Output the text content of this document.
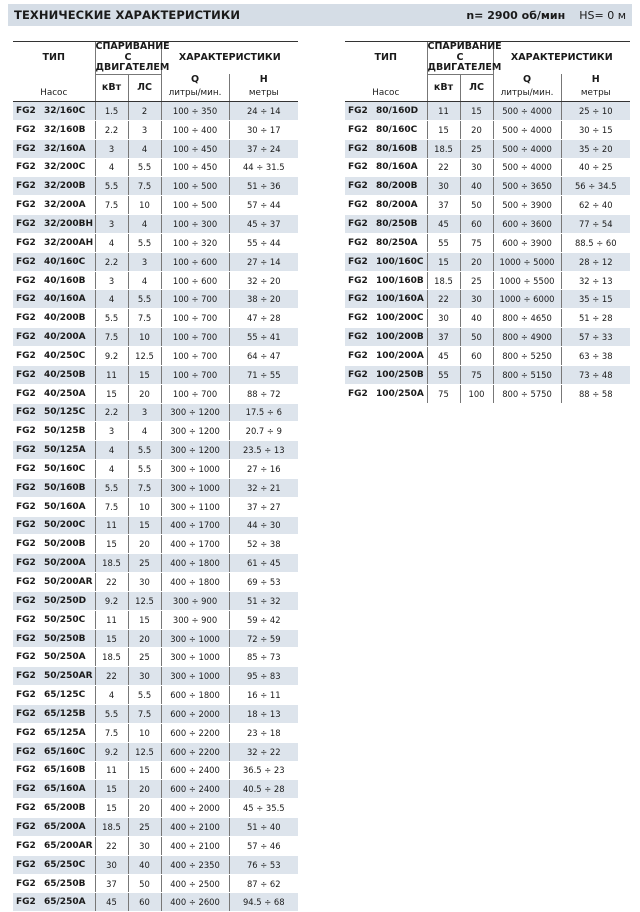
ТЕХНИЧЕСКИЕ ХАРАКТЕРИСТИКИ	n= 2900 об/мин HS= 0 м
ТИП	СПАРИВАНИЕ С
ДВИГАТЕЛЕМ		ХАРАКТЕРИСТИКИ	
	кВт	ЛС	Q	H
Насос			литры/мин.	метры
FG2 32/160C	1.5	2	100 ÷ 350	24 ÷ 14
FG2 32/160B	2.2	3	100 ÷ 400	30 ÷ 17
FG2 32/160A	3	4	100 ÷ 450	37 ÷ 24
FG2 32/200C	4	5.5	100 ÷ 450	44 ÷ 31.5
FG2 32/200B	5.5	7.5	100 ÷ 500	51 ÷ 36
FG2 32/200A	7.5	10	100 ÷ 500	57 ÷ 44
FG2 32/200BH	3	4	100 ÷ 300	45 ÷ 37
FG2 32/200AH	4	5.5	100 ÷ 320	55 ÷ 44
FG2 40/160C	2.2	3	100 ÷ 600	27 ÷ 14
FG2 40/160B	3	4	100 ÷ 600	32 ÷ 20
FG2 40/160A	4	5.5	100 ÷ 700	38 ÷ 20
FG2 40/200B	5.5	7.5	100 ÷ 700	47 ÷ 28
FG2 40/200A	7.5	10	100 ÷ 700	55 ÷ 41
FG2 40/250C	9.2	12.5	100 ÷ 700	64 ÷ 47
FG2 40/250B	11	15	100 ÷ 700	71 ÷ 55
FG2 40/250A	15	20	100 ÷ 700	88 ÷ 72
FG2 50/125C	2.2	3	300 ÷ 1200	17.5 ÷ 6
FG2 50/125B	3	4	300 ÷ 1200	20.7 ÷ 9
FG2 50/125A	4	5.5	300 ÷ 1200	23.5 ÷ 13
FG2 50/160C	4	5.5	300 ÷ 1000	27 ÷ 16
FG2 50/160B	5.5	7.5	300 ÷ 1000	32 ÷ 21
FG2 50/160A	7.5	10	300 ÷ 1100	37 ÷ 27
FG2 50/200C	11	15	400 ÷ 1700	44 ÷ 30
FG2 50/200B	15	20	400 ÷ 1700	52 ÷ 38
FG2 50/200A	18.5	25	400 ÷ 1800	61 ÷ 45
FG2 50/200AR	22	30	400 ÷ 1800	69 ÷ 53
FG2 50/250D	9.2	12.5	300 ÷ 900	51 ÷ 32
FG2 50/250C	11	15	300 ÷ 900	59 ÷ 42
FG2 50/250B	15	20	300 ÷ 1000	72 ÷ 59
FG2 50/250A	18.5	25	300 ÷ 1000	85 ÷ 73
FG2 50/250AR	22	30	300 ÷ 1000	95 ÷ 83
FG2 65/125C	4	5.5	600 ÷ 1800	16 ÷ 11
FG2 65/125B	5.5	7.5	600 ÷ 2000	18 ÷ 13
FG2 65/125A	7.5	10	600 ÷ 2200	23 ÷ 18
FG2 65/160C	9.2	12.5	600 ÷ 2200	32 ÷ 22
FG2 65/160B	11	15	600 ÷ 2400	36.5 ÷ 23
FG2 65/160A	15	20	600 ÷ 2400	40.5 ÷ 28
FG2 65/200B	15	20	400 ÷ 2000	45 ÷ 35.5
FG2 65/200A	18.5	25	400 ÷ 2100	51 ÷ 40
FG2 65/200AR	22	30	400 ÷ 2100	57 ÷ 46
FG2 65/250C	30	40	400 ÷ 2350	76 ÷ 53
FG2 65/250B	37	50	400 ÷ 2500	87 ÷ 62
FG2 65/250A	45	60	400 ÷ 2600	94.5 ÷ 68
ТИП	СПАРИВАНИЕ С
ДВИГАТЕЛЕМ		ХАРАКТЕРИСТИКИ	
	кВт	ЛС	Q	H
Насос			литры/мин.	метры
FG2 80/160D	11	15	500 ÷ 4000	25 ÷ 10
FG2 80/160C	15	20	500 ÷ 4000	30 ÷ 15
FG2 80/160B	18.5	25	500 ÷ 4000	35 ÷ 20
FG2 80/160A	22	30	500 ÷ 4000	40 ÷ 25
FG2 80/200B	30	40	500 ÷ 3650	56 ÷ 34.5
FG2 80/200A	37	50	500 ÷ 3900	62 ÷ 40
FG2 80/250B	45	60	600 ÷ 3600	77 ÷ 54
FG2 80/250A	55	75	600 ÷ 3900	88.5 ÷ 60
FG2 100/160C	15	20	1000 ÷ 5000	28 ÷ 12
FG2 100/160B	18.5	25	1000 ÷ 5500	32 ÷ 13
FG2 100/160A	22	30	1000 ÷ 6000	35 ÷ 15
FG2 100/200C	30	40	800 ÷ 4650	51 ÷ 28
FG2 100/200B	37	50	800 ÷ 4900	57 ÷ 33
FG2 100/200A	45	60	800 ÷ 5250	63 ÷ 38
FG2 100/250B	55	75	800 ÷ 5150	73 ÷ 48
FG2 100/250A	75	100	800 ÷ 5750	88 ÷ 58
